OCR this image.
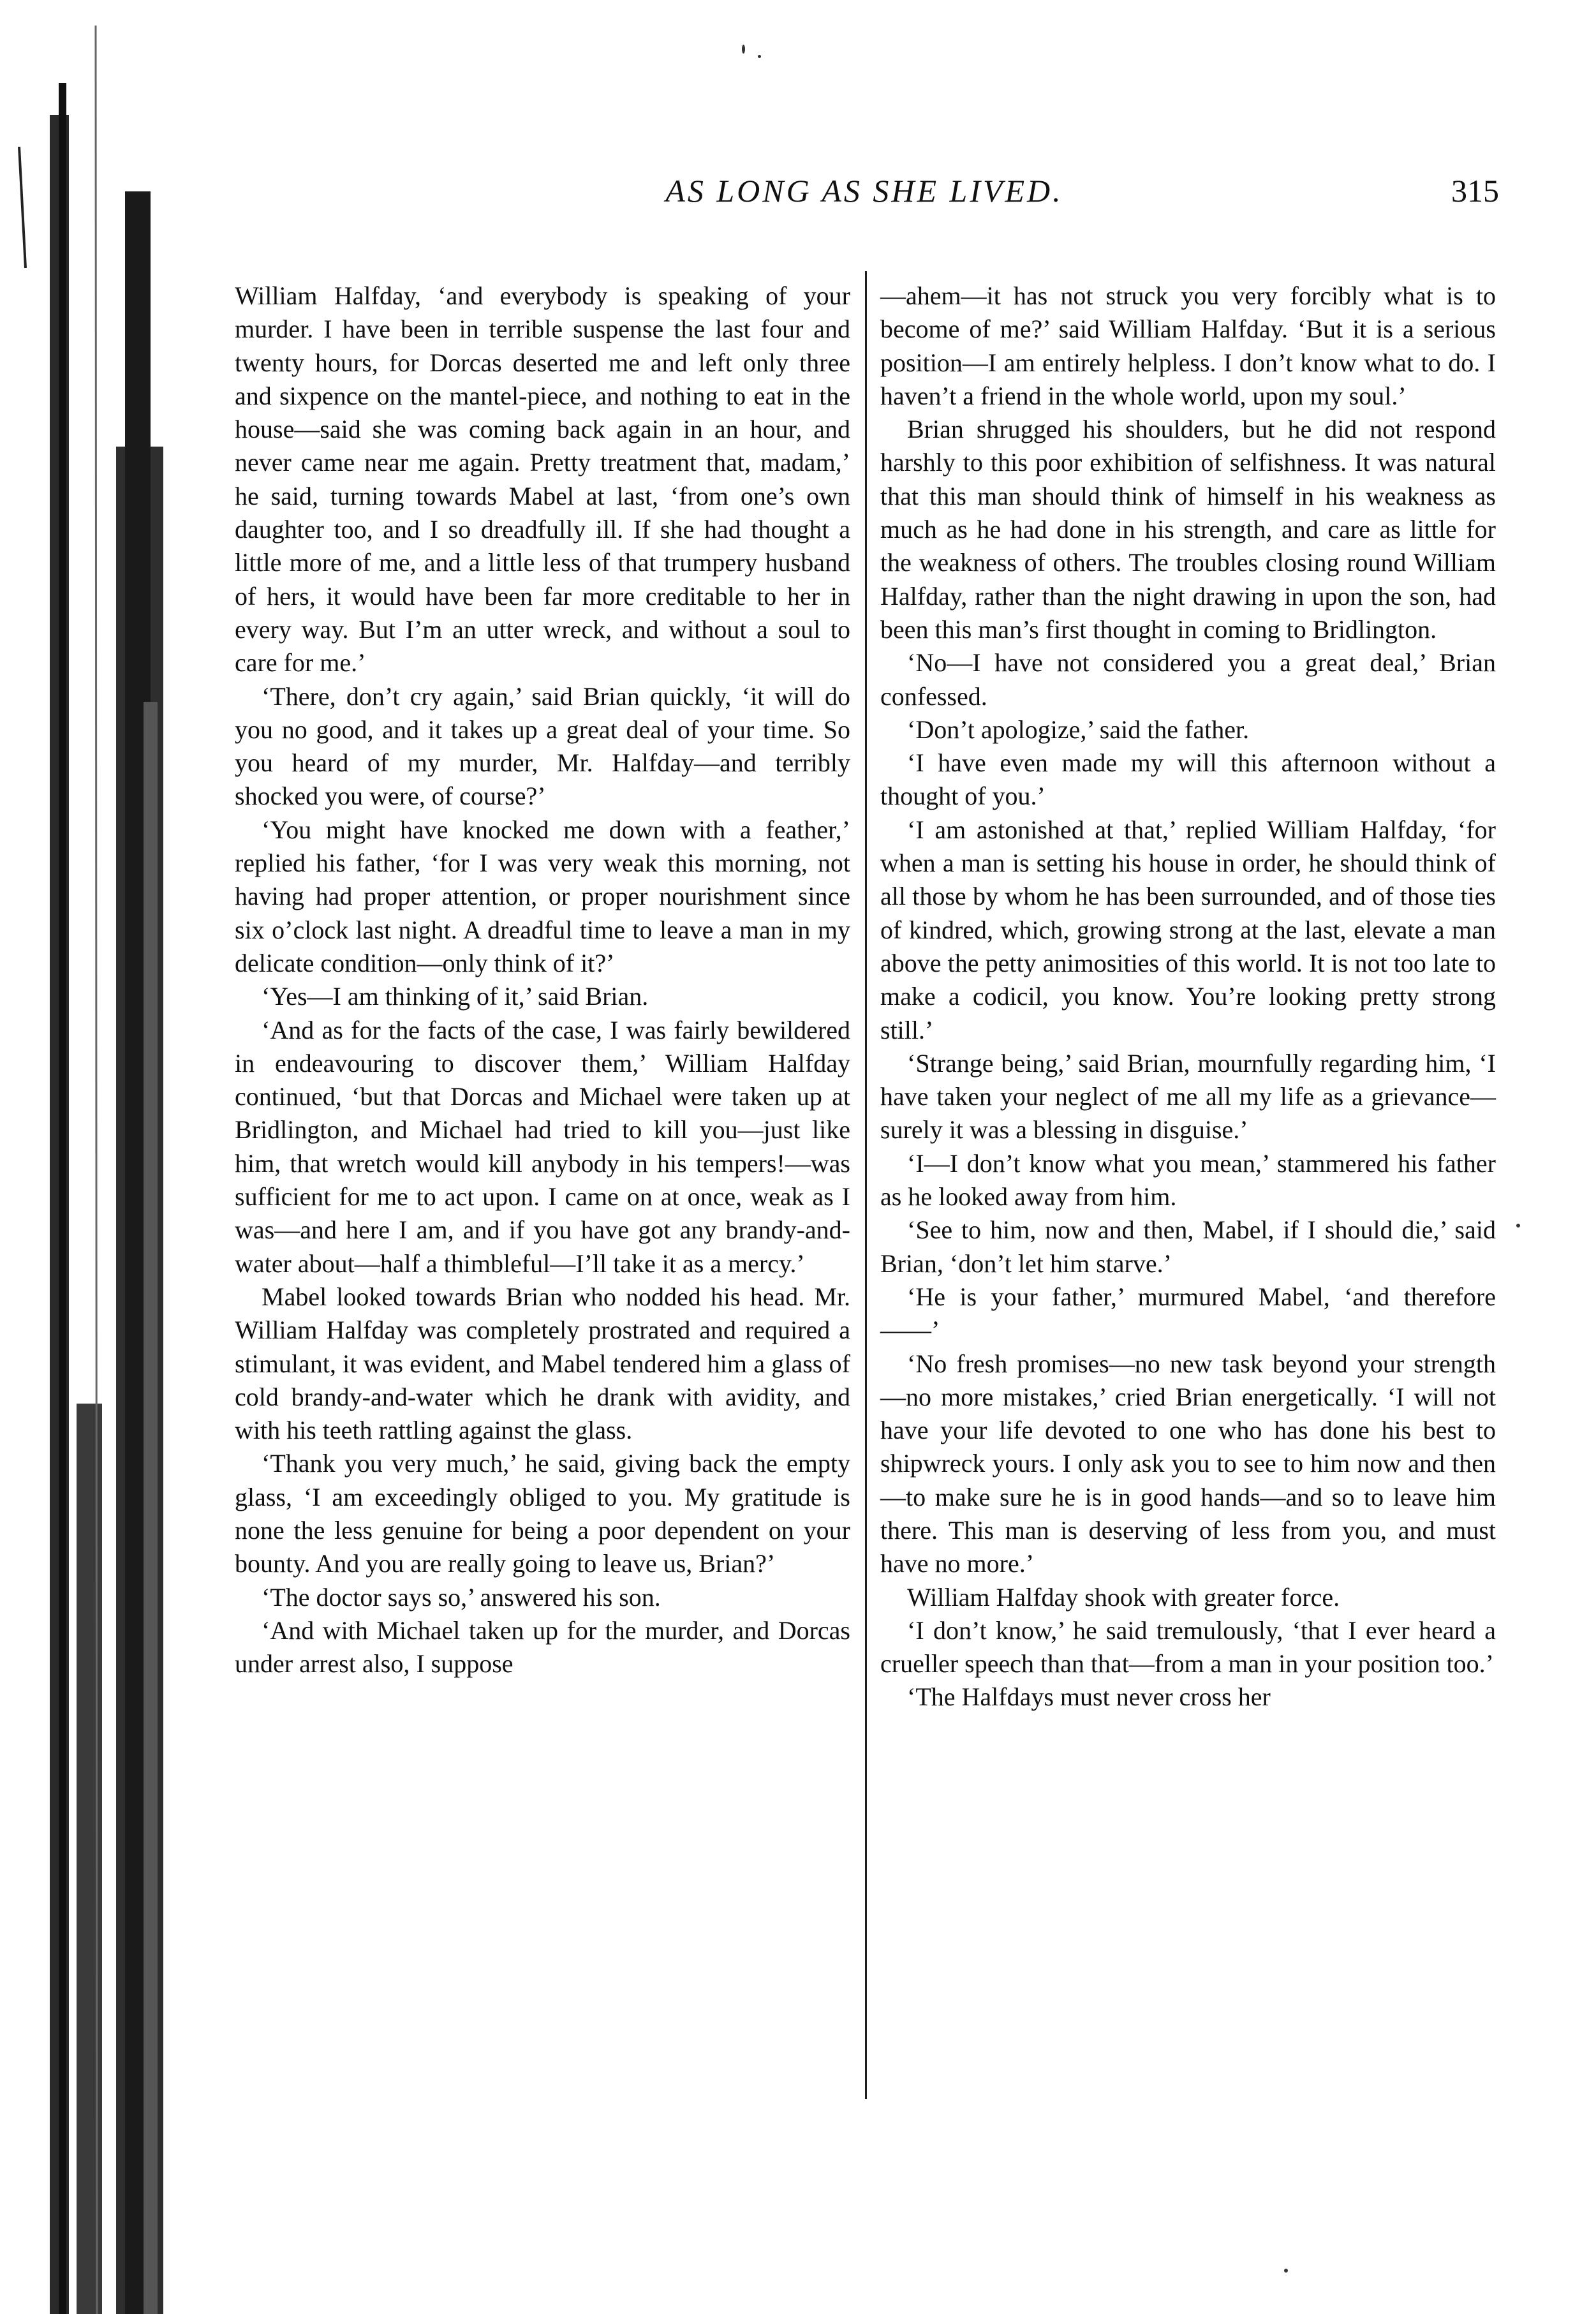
AS LONG AS SHE LIVED.	315

William Halfday, ‘and everybody is speaking of your murder. I have been in terrible suspense the last four and twenty hours, for Dorcas deserted me and left only three and sixpence on the mantel-piece, and nothing to eat in the house—said she was coming back again in an hour, and never came near me again. Pretty treatment that, madam,’ he said, turning towards Mabel at last, ‘from one’s own daughter too, and I so dreadfully ill. If she had thought a little more of me, and a little less of that trumpery husband of hers, it would have been far more creditable to her in every way. But I’m an utter wreck, and without a soul to care for me.’

‘There, don’t cry again,’ said Brian quickly, ‘it will do you no good, and it takes up a great deal of your time. So you heard of my murder, Mr. Halfday—and terribly shocked you were, of course?’

‘You might have knocked me down with a feather,’ replied his father, ‘for I was very weak this morning, not having had proper attention, or proper nourishment since six o’clock last night. A dreadful time to leave a man in my delicate condition—only think of it?’

‘Yes—I am thinking of it,’ said Brian.

‘And as for the facts of the case, I was fairly bewildered in endeavouring to discover them,’ William Halfday continued, ‘but that Dorcas and Michael were taken up at Bridlington, and Michael had tried to kill you—just like him, that wretch would kill anybody in his tempers!—was sufficient for me to act upon. I came on at once, weak as I was—and here I am, and if you have got any brandy-and-water about—half a thimbleful—I’ll take it as a mercy.’

Mabel looked towards Brian who nodded his head. Mr. William Halfday was completely prostrated and required a stimulant, it was evident, and Mabel tendered him a glass of cold brandy-and-water which he drank with avidity, and with his teeth rattling against the glass.

‘Thank you very much,’ he said, giving back the empty glass, ‘I am exceedingly obliged to you. My gratitude is none the less genuine for being a poor dependent on your bounty. And you are really going to leave us, Brian?’

‘The doctor says so,’ answered his son.

‘And with Michael taken up for the murder, and Dorcas under arrest also, I suppose

—ahem—it has not struck you very forcibly what is to become of me?’ said William Halfday. ‘But it is a serious position—I am entirely helpless. I don’t know what to do. I haven’t a friend in the whole world, upon my soul.’

Brian shrugged his shoulders, but he did not respond harshly to this poor exhibition of selfishness. It was natural that this man should think of himself in his weakness as much as he had done in his strength, and care as little for the weakness of others. The troubles closing round William Halfday, rather than the night drawing in upon the son, had been this man’s first thought in coming to Bridlington.

‘No—I have not considered you a great deal,’ Brian confessed.

‘Don’t apologize,’ said the father.

‘I have even made my will this afternoon without a thought of you.’

‘I am astonished at that,’ replied William Halfday, ‘for when a man is setting his house in order, he should think of all those by whom he has been surrounded, and of those ties of kindred, which, growing strong at the last, elevate a man above the petty animosities of this world. It is not too late to make a codicil, you know. You’re looking pretty strong still.’

‘Strange being,’ said Brian, mournfully regarding him, ‘I have taken your neglect of me all my life as a grievance—surely it was a blessing in disguise.’

‘I—I don’t know what you mean,’ stammered his father as he looked away from him.

‘See to him, now and then, Mabel, if I should die,’ said Brian, ‘don’t let him starve.’

‘He is your father,’ murmured Mabel, ‘and therefore——’

‘No fresh promises—no new task beyond your strength—no more mistakes,’ cried Brian energetically. ‘I will not have your life devoted to one who has done his best to shipwreck yours. I only ask you to see to him now and then—to make sure he is in good hands—and so to leave him there. This man is deserving of less from you, and must have no more.’

William Halfday shook with greater force.

‘I don’t know,’ he said tremulously, ‘that I ever heard a crueller speech than that—from a man in your position too.’

‘The Halfdays must never cross her
